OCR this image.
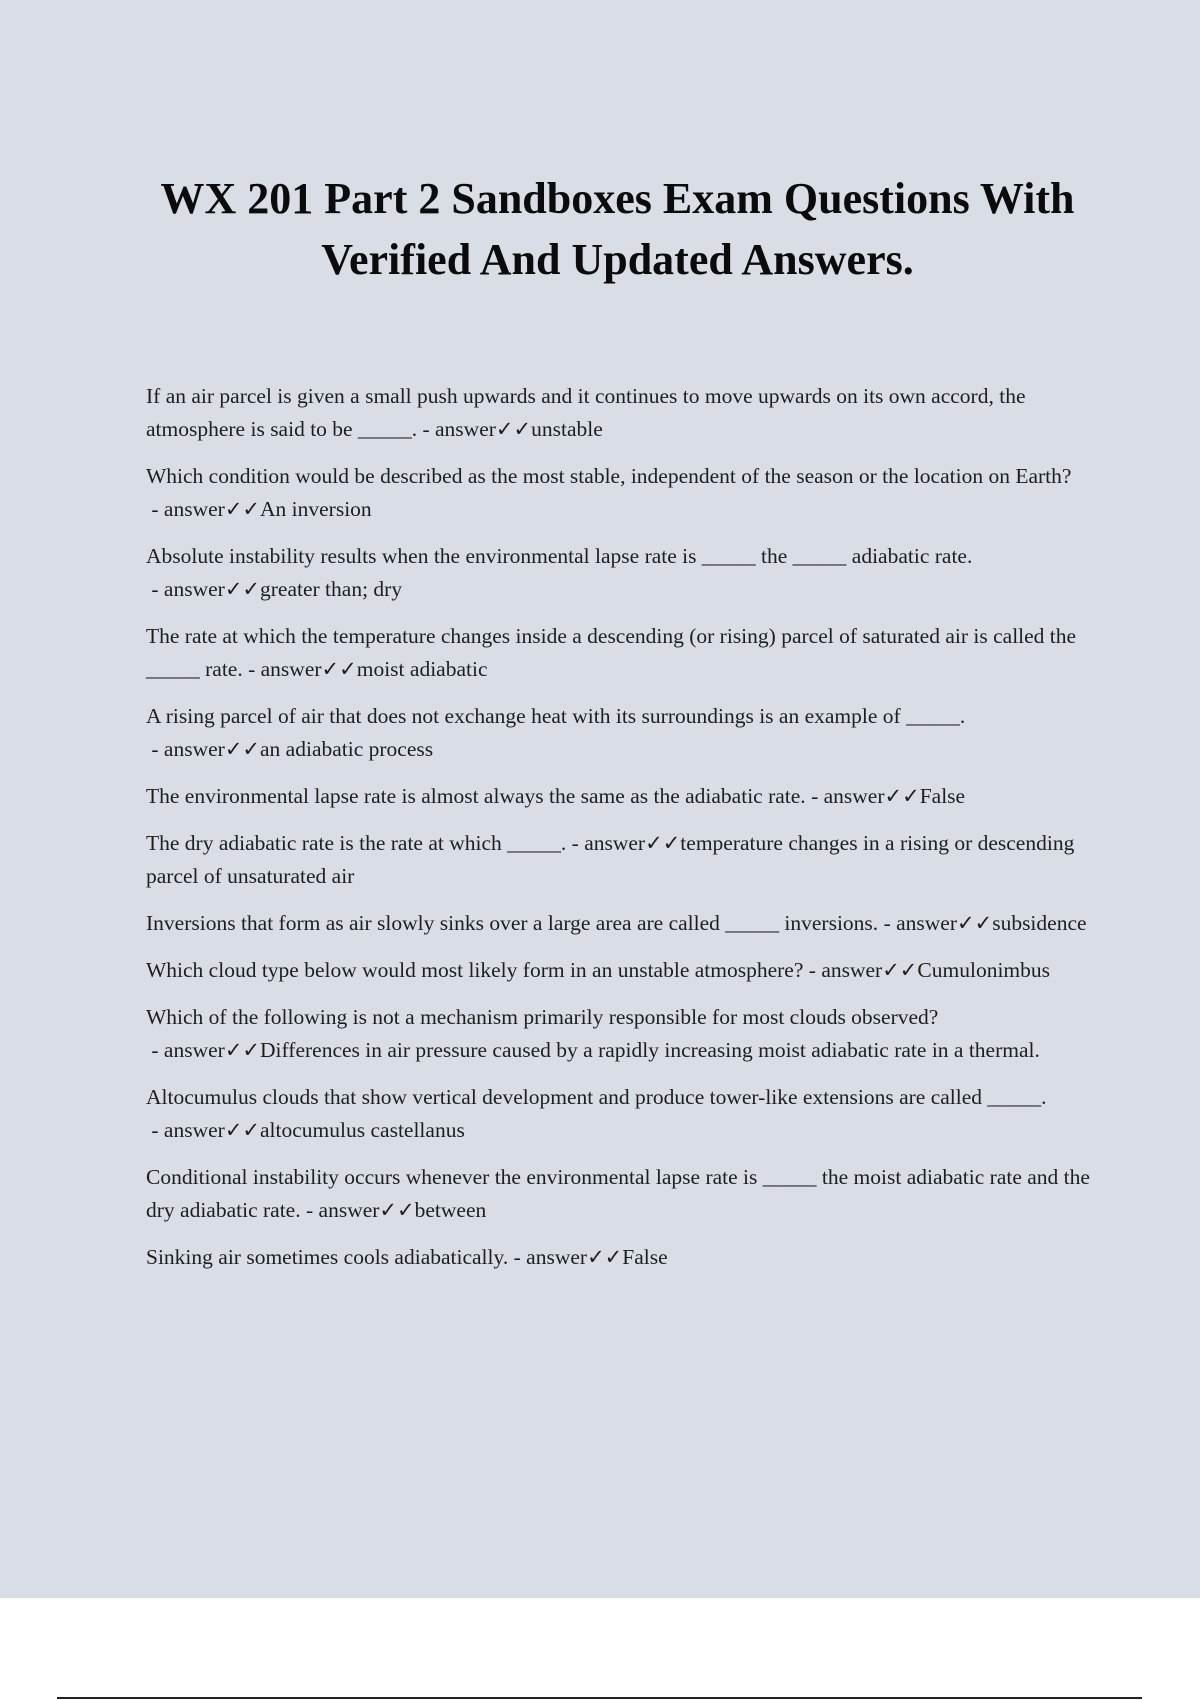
WX 201 Part 2 Sandboxes Exam Questions With Verified And Updated Answers.
If an air parcel is given a small push upwards and it continues to move upwards on its own accord, the atmosphere is said to be _____. - answer✓✓unstable
Which condition would be described as the most stable, independent of the season or the location on Earth? - answer✓✓An inversion
Absolute instability results when the environmental lapse rate is _____ the _____ adiabatic rate. - answer✓✓greater than; dry
The rate at which the temperature changes inside a descending (or rising) parcel of saturated air is called the _____ rate. - answer✓✓moist adiabatic
A rising parcel of air that does not exchange heat with its surroundings is an example of _____. - answer✓✓an adiabatic process
The environmental lapse rate is almost always the same as the adiabatic rate. - answer✓✓False
The dry adiabatic rate is the rate at which _____. - answer✓✓temperature changes in a rising or descending parcel of unsaturated air
Inversions that form as air slowly sinks over a large area are called _____ inversions. - answer✓✓subsidence
Which cloud type below would most likely form in an unstable atmosphere? - answer✓✓Cumulonimbus
Which of the following is not a mechanism primarily responsible for most clouds observed? - answer✓✓Differences in air pressure caused by a rapidly increasing moist adiabatic rate in a thermal.
Altocumulus clouds that show vertical development and produce tower-like extensions are called _____. - answer✓✓altocumulus castellanus
Conditional instability occurs whenever the environmental lapse rate is _____ the moist adiabatic rate and the dry adiabatic rate. - answer✓✓between
Sinking air sometimes cools adiabatically. - answer✓✓False
